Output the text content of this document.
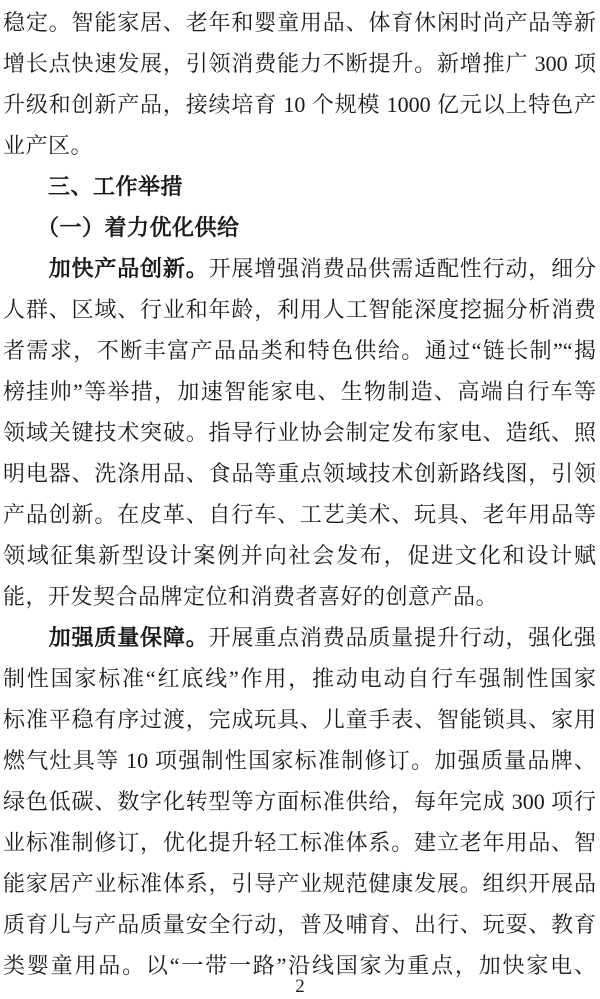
稳定。智能家居、老年和婴童用品、体育休闲时尚产品等新
增长点快速发展，引领消费能力不断提升。新增推广 300 项
升级和创新产品，接续培育 10 个规模 1000 亿元以上特色产
业产区。
　　三、工作举措
　　（一）着力优化供给
　　加快产品创新。开展增强消费品供需适配性行动，细分
人群、区域、行业和年龄，利用人工智能深度挖掘分析消费
者需求，不断丰富产品品类和特色供给。通过“链长制”“揭
榜挂帅”等举措，加速智能家电、生物制造、高端自行车等
领域关键技术突破。指导行业协会制定发布家电、造纸、照
明电器、洗涤用品、食品等重点领域技术创新路线图，引领
产品创新。在皮革、自行车、工艺美术、玩具、老年用品等
领域征集新型设计案例并向社会发布，促进文化和设计赋
能，开发契合品牌定位和消费者喜好的创意产品。
　　加强质量保障。开展重点消费品质量提升行动，强化强
制性国家标准“红底线”作用，推动电动自行车强制性国家
标准平稳有序过渡，完成玩具、儿童手表、智能锁具、家用
燃气灶具等 10 项强制性国家标准制修订。加强质量品牌、
绿色低碳、数字化转型等方面标准供给，每年完成 300 项行
业标准制修订，优化提升轻工标准体系。建立老年用品、智
能家居产业标准体系，引导产业规范健康发展。组织开展品
质育儿与产品质量安全行动，普及哺育、出行、玩耍、教育
类婴童用品。以“一带一路”沿线国家为重点，加快家电、
2
